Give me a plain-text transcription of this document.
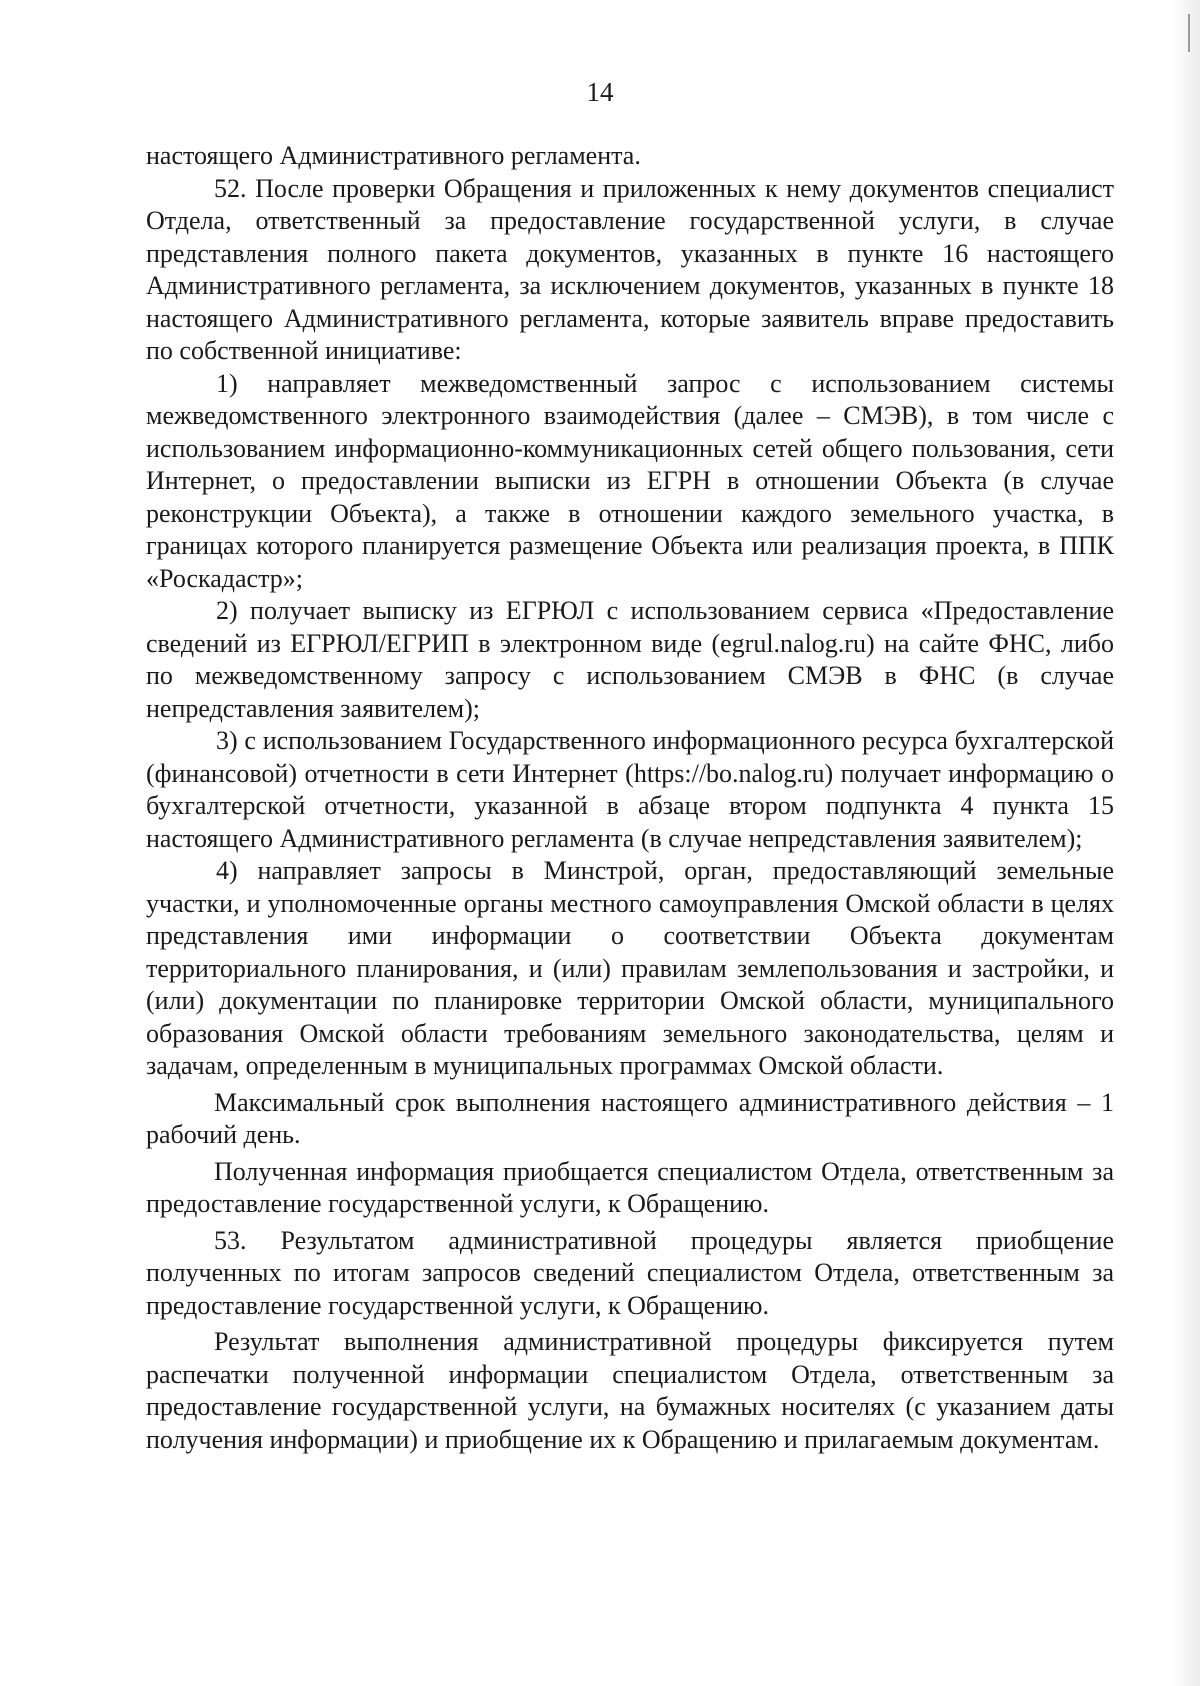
14

настоящего Административного регламента.

52. После проверки Обращения и приложенных к нему документов специалист Отдела, ответственный за предоставление государственной услуги, в случае представления полного пакета документов, указанных в пункте 16 настоящего Административного регламента, за исключением документов, указанных в пункте 18 настоящего Административного регламента, которые заявитель вправе предоставить по собственной инициативе:

1) направляет межведомственный запрос с использованием системы межведомственного электронного взаимодействия (далее – СМЭВ), в том числе с использованием информационно-коммуникационных сетей общего пользования, сети Интернет, о предоставлении выписки из ЕГРН в отношении Объекта (в случае реконструкции Объекта), а также в отношении каждого земельного участка, в границах которого планируется размещение Объекта или реализация проекта, в ППК «Роскадастр»;

2) получает выписку из ЕГРЮЛ с использованием сервиса «Предоставление сведений из ЕГРЮЛ/ЕГРИП в электронном виде (egrul.nalog.ru) на сайте ФНС, либо по межведомственному запросу с использованием СМЭВ в ФНС (в случае непредставления заявителем);

3) с использованием Государственного информационного ресурса бухгалтерской (финансовой) отчетности в сети Интернет (https://bo.nalog.ru) получает информацию о бухгалтерской отчетности, указанной в абзаце втором подпункта 4 пункта 15 настоящего Административного регламента (в случае непредставления заявителем);

4) направляет запросы в Минстрой, орган, предоставляющий земельные участки, и уполномоченные органы местного самоуправления Омской области в целях представления ими информации о соответствии Объекта документам территориального планирования, и (или) правилам землепользования и застройки, и (или) документации по планировке территории Омской области, муниципального образования Омской области требованиям земельного законодательства, целям и задачам, определенным в муниципальных программах Омской области.

Максимальный срок выполнения настоящего административного действия – 1 рабочий день.

Полученная информация приобщается специалистом Отдела, ответственным за предоставление государственной услуги, к Обращению.

53. Результатом административной процедуры является приобщение полученных по итогам запросов сведений специалистом Отдела, ответственным за предоставление государственной услуги, к Обращению.

Результат выполнения административной процедуры фиксируется путем распечатки полученной информации специалистом Отдела, ответственным за предоставление государственной услуги, на бумажных носителях (с указанием даты получения информации) и приобщение их к Обращению и прилагаемым документам.
